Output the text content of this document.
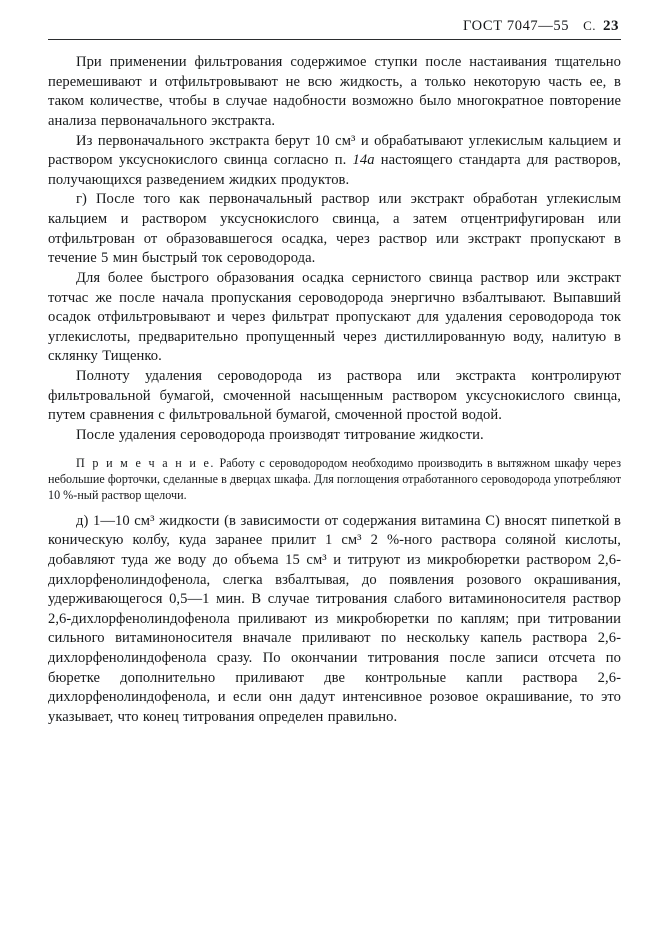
ГОСТ 7047—55 С. 23

При применении фильтрования содержимое ступки после настаивания тщательно перемешивают и отфильтровывают не всю жидкость, а только некоторую часть ее, в таком количестве, чтобы в случае надобности возможно было многократное повторение анализа первоначального экстракта.

Из первоначального экстракта берут 10 см³ и обрабатывают углекислым кальцием и раствором уксуснокислого свинца согласно п. 14а настоящего стандарта для растворов, получающихся разведением жидких продуктов.

г) После того как первоначальный раствор или экстракт обработан углекислым кальцием и раствором уксуснокислого свинца, а затем отцентрифугирован или отфильтрован от образовавшегося осадка, через раствор или экстракт пропускают в течение 5 мин быстрый ток сероводорода.

Для более быстрого образования осадка сернистого свинца раствор или экстракт тотчас же после начала пропускания сероводорода энергично взбалтывают. Выпавший осадок отфильтровывают и через фильтрат пропускают для удаления сероводорода ток углекислоты, предварительно пропущенный через дистиллированную воду, налитую в склянку Тищенко.

Полноту удаления сероводорода из раствора или экстракта контролируют фильтровальной бумагой, смоченной насыщенным раствором уксуснокислого свинца, путем сравнения с фильтровальной бумагой, смоченной простой водой.

После удаления сероводорода производят титрование жидкости.

П р и м е ч а н и е. Работу с сероводородом необходимо производить в вытяжном шкафу через небольшие форточки, сделанные в дверцах шкафа. Для поглощения отработанного сероводорода употребляют 10 %-ный раствор щелочи.

д) 1—10 см³ жидкости (в зависимости от содержания витамина С) вносят пипеткой в коническую колбу, куда заранее прилит 1 см³ 2 %-ного раствора соляной кислоты, добавляют туда же воду до объема 15 см³ и титруют из микробюретки раствором 2,6-дихлорфенолиндофенола, слегка взбалтывая, до появления розового окрашивания, удерживающегося 0,5—1 мин. В случае титрования слабого витаминоносителя раствор 2,6-дихлорфенолиндофенола приливают из микробюретки по каплям; при титровании сильного витаминоносителя вначале приливают по нескольку капель раствора 2,6-дихлорфенолиндофенола сразу. По окончании титрования после записи отсчета по бюретке дополнительно приливают две контрольные капли раствора 2,6-дихлорфенолиндофенола, и если онн дадут интенсивное розовое окрашивание, то это указывает, что конец титрования определен правильно.
